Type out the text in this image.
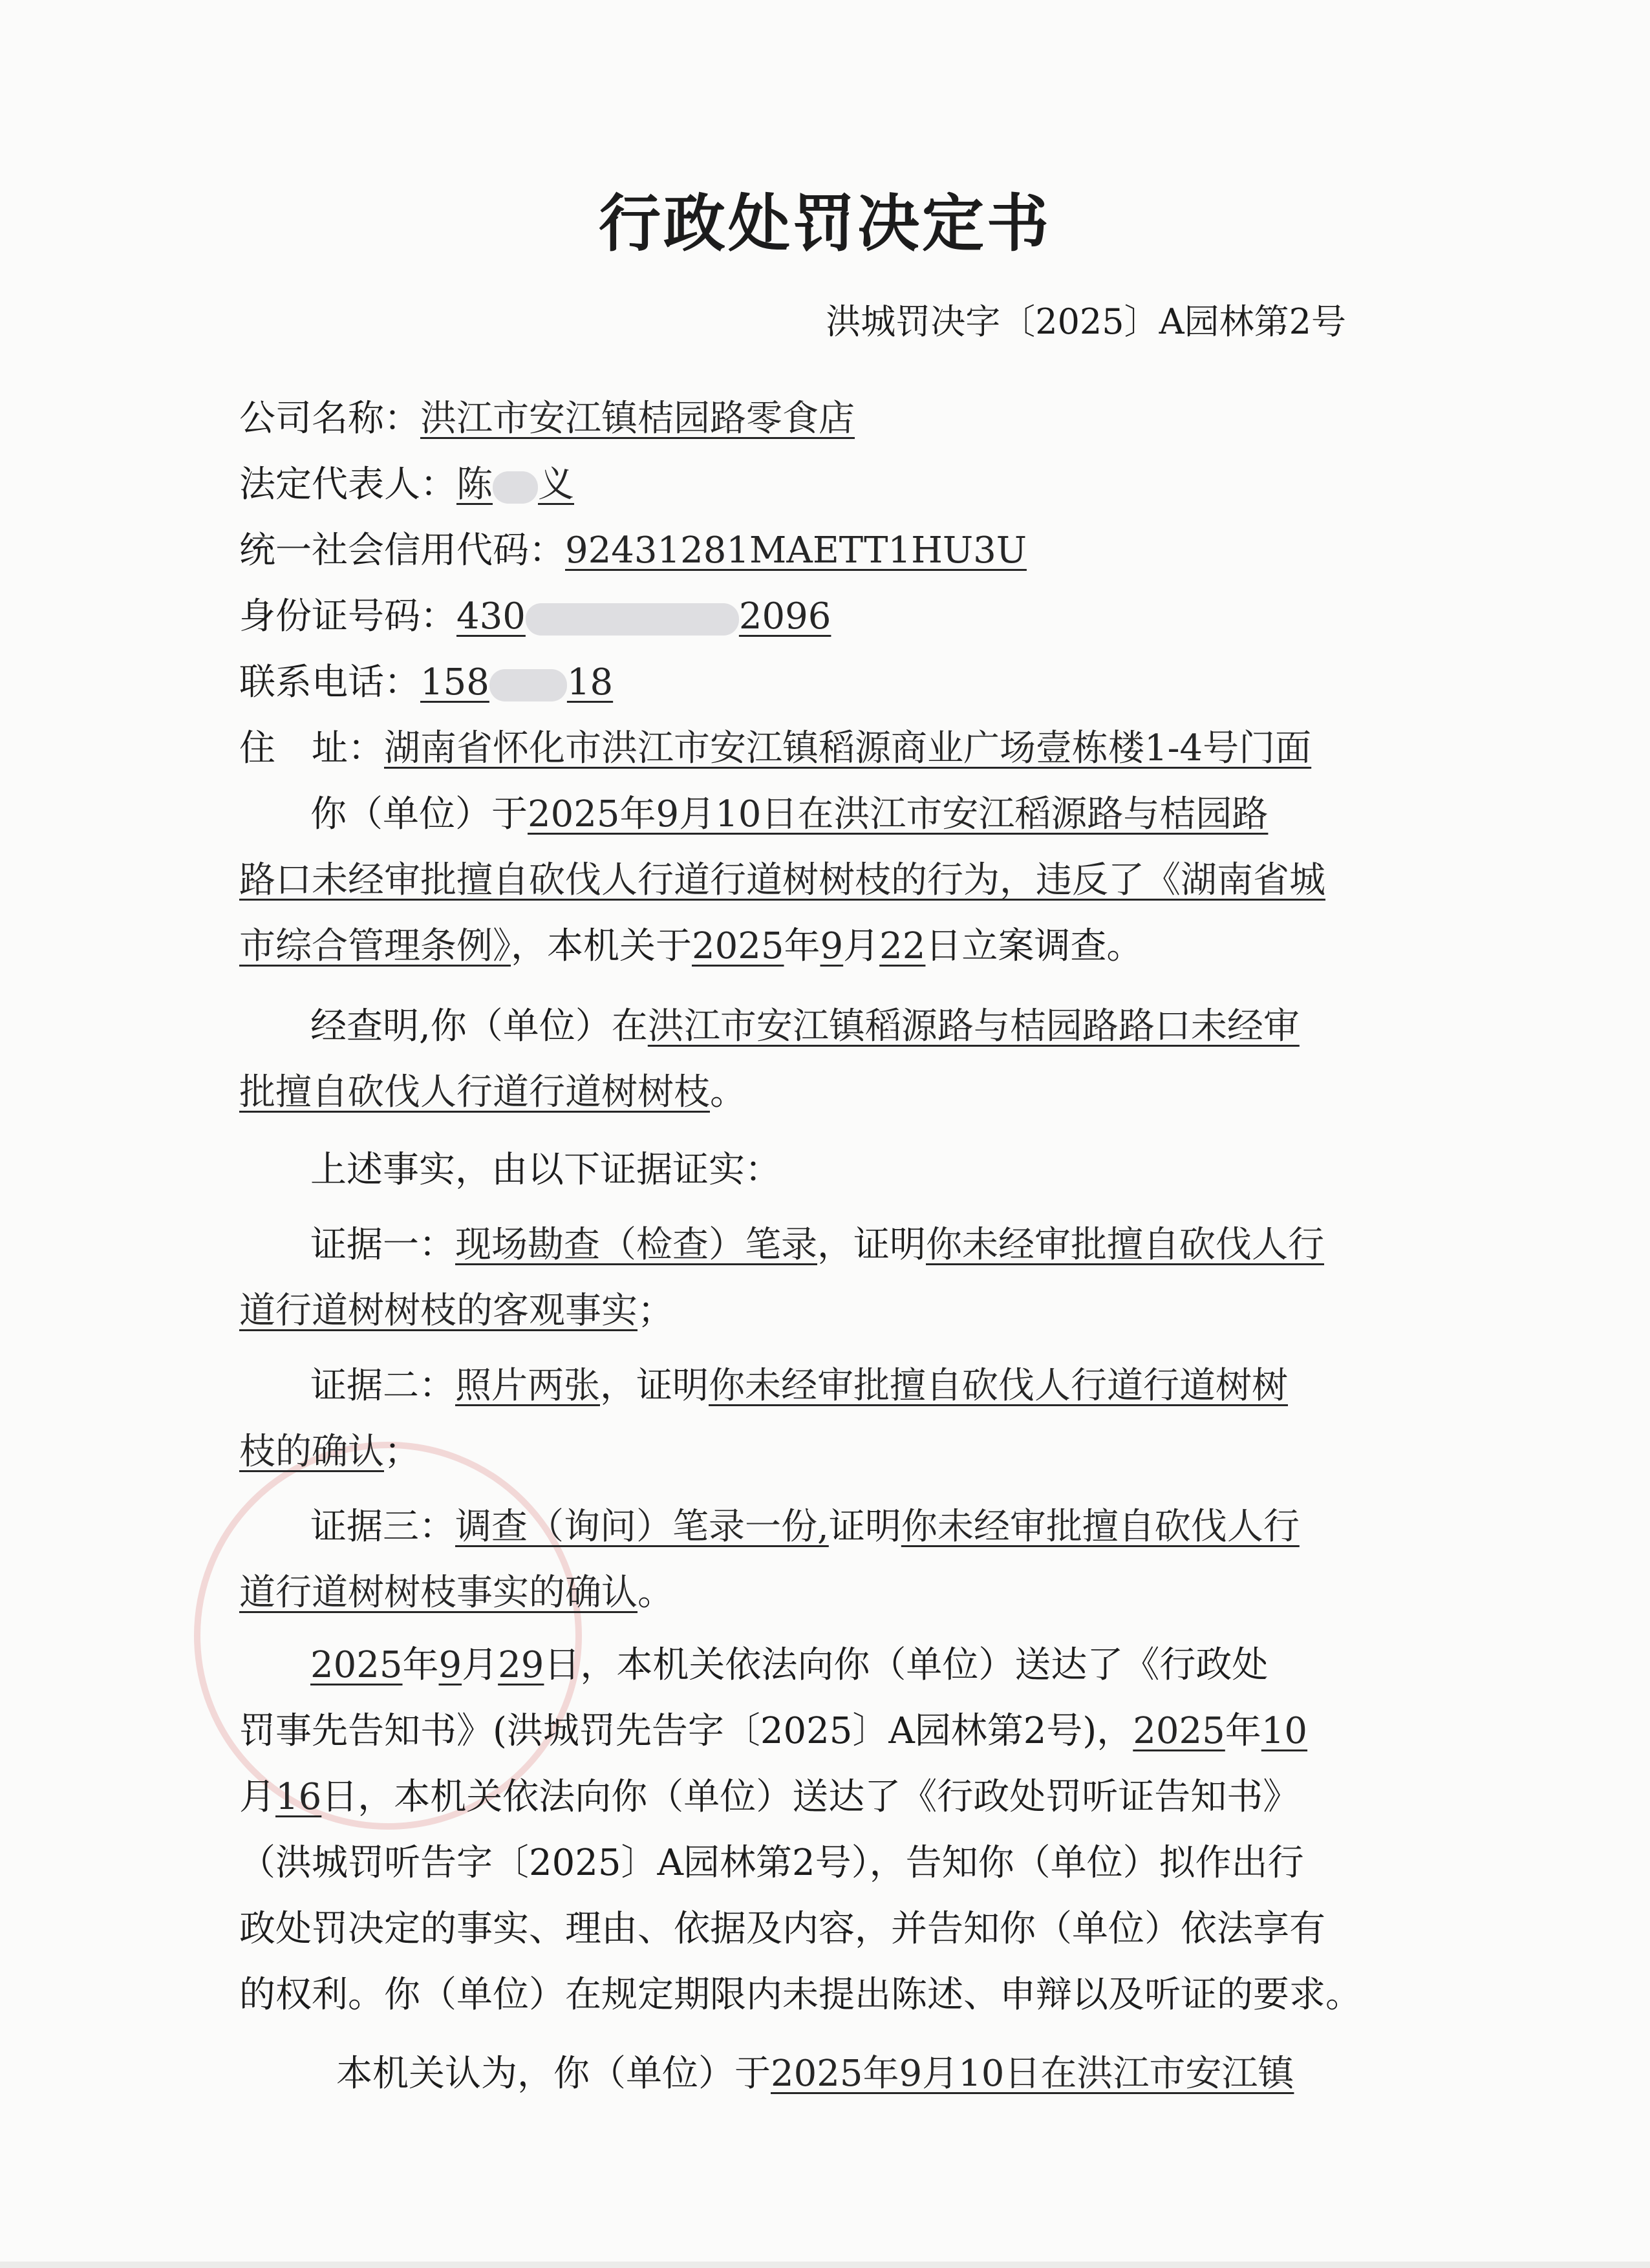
行政处罚决定书
洪城罚决字〔2025〕A园林第2号
公司名称：洪江市安江镇桔园路零食店
法定代表人：陈 义
统一社会信用代码：92431281MAETT1HU3U
身份证号码：430	2096
联系电话：158 18
住　址：湖南省怀化市洪江市安江镇稻源商业广场壹栋楼1-4号门面
你（单位）于2025年9月10日在洪江市安江稻源路与桔园路
路口未经审批擅自砍伐人行道行道树树枝的行为，违反了《湖南省城
市综合管理条例》，本机关于2025年9月22日立案调查。
经查明,你（单位）在洪江市安江镇稻源路与桔园路路口未经审
批擅自砍伐人行道行道树树枝。
上述事实，由以下证据证实：
证据一：现场勘查（检查）笔录，证明你未经审批擅自砍伐人行
道行道树树枝的客观事实；
证据二：照片两张，证明你未经审批擅自砍伐人行道行道树树
枝的确认；
证据三：调查（询问）笔录一份,证明你未经审批擅自砍伐人行
道行道树树枝事实的确认。
2025年9月29日，本机关依法向你（单位）送达了《行政处
罚事先告知书》(洪城罚先告字〔2025〕A园林第2号)，2025年10
月16日，本机关依法向你（单位）送达了《行政处罚听证告知书》
（洪城罚听告字〔2025〕A园林第2号），告知你（单位）拟作出行
政处罚决定的事实、理由、依据及内容，并告知你（单位）依法享有
的权利。你（单位）在规定期限内未提出陈述、申辩以及听证的要求。
本机关认为，你（单位）于2025年9月10日在洪江市安江镇
